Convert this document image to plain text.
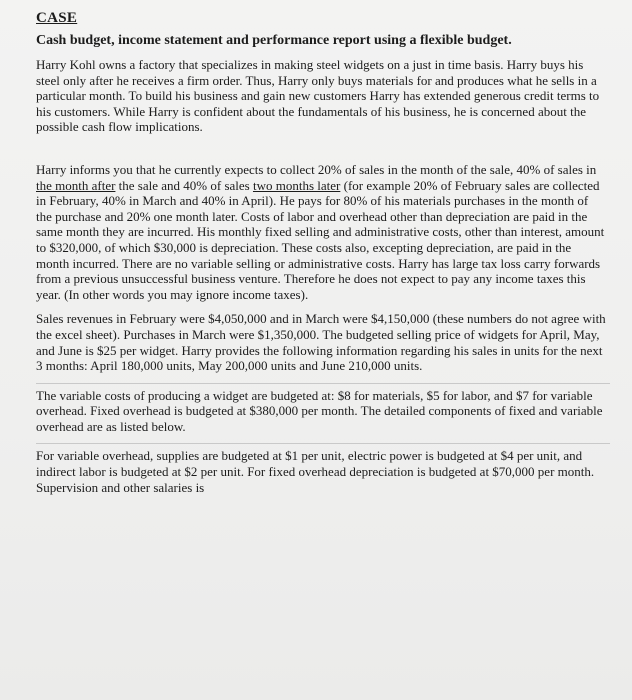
CASE
Cash budget, income statement and performance report using a flexible budget.

Harry Kohl owns a factory that specializes in making steel widgets on a just in time basis. Harry buys his steel only after he receives a firm order. Thus, Harry only buys materials for and produces what he sells in a particular month. To build his business and gain new customers Harry has extended generous credit terms to his customers. While Harry is confident about the fundamentals of his business, he is concerned about the possible cash flow implications.

Harry informs you that he currently expects to collect 20% of sales in the month of the sale, 40% of sales in the month after the sale and 40% of sales two months later (for example 20% of February sales are collected in February, 40% in March and 40% in April). He pays for 80% of his materials purchases in the month of the purchase and 20% one month later. Costs of labor and overhead other than depreciation are paid in the same month they are incurred. His monthly fixed selling and administrative costs, other than interest, amount to $320,000, of which $30,000 is depreciation. These costs also, excepting depreciation, are paid in the month incurred. There are no variable selling or administrative costs. Harry has large tax loss carry forwards from a previous unsuccessful business venture. Therefore he does not expect to pay any income taxes this year. (In other words you may ignore income taxes).

Sales revenues in February were $4,050,000 and in March were $4,150,000 (these numbers do not agree with the excel sheet). Purchases in March were $1,350,000. The budgeted selling price of widgets for April, May, and June is $25 per widget. Harry provides the following information regarding his sales in units for the next 3 months: April 180,000 units, May 200,000 units and June 210,000 units.

The variable costs of producing a widget are budgeted at: $8 for materials, $5 for labor, and $7 for variable overhead. Fixed overhead is budgeted at $380,000 per month. The detailed components of fixed and variable overhead are as listed below.

For variable overhead, supplies are budgeted at $1 per unit, electric power is budgeted at $4 per unit, and indirect labor is budgeted at $2 per unit. For fixed overhead depreciation is budgeted at $70,000 per month. Supervision and other salaries is
